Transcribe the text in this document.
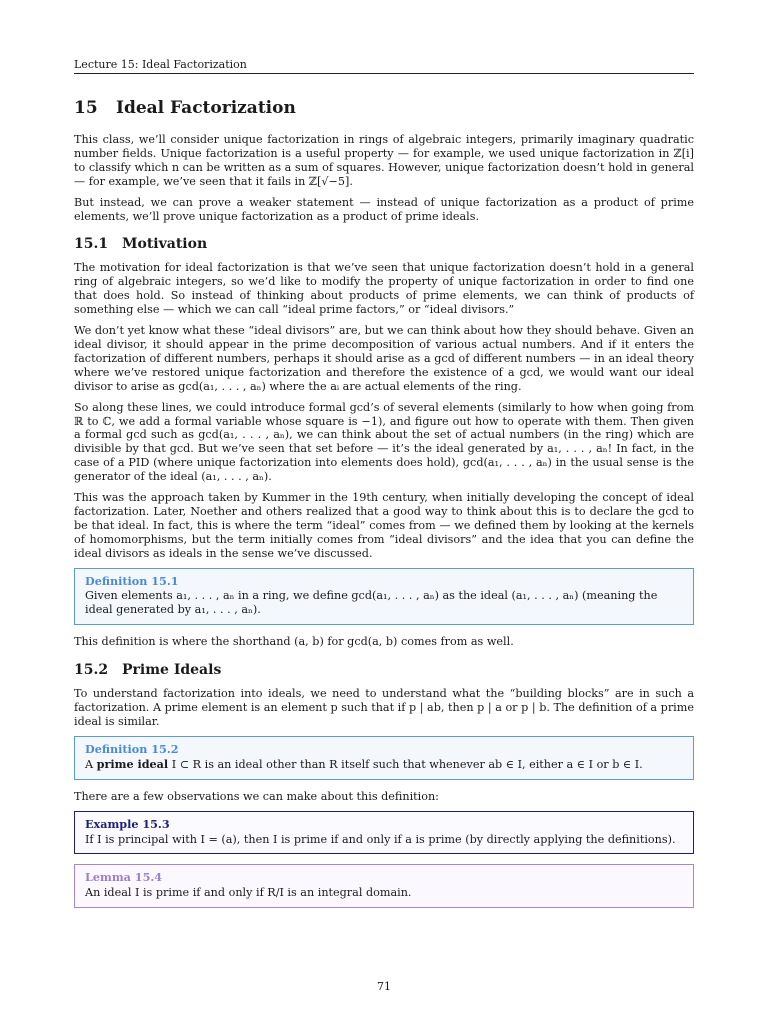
Lecture 15: Ideal Factorization
15 Ideal Factorization

This class, we’ll consider unique factorization in rings of algebraic integers, primarily imaginary quadratic number fields. Unique factorization is a useful property — for example, we used unique factorization in ℤ[i] to classify which n can be written as a sum of squares. However, unique factorization doesn’t hold in general — for example, we’ve seen that it fails in ℤ[√−5].

But instead, we can prove a weaker statement — instead of unique factorization as a product of prime elements, we’ll prove unique factorization as a product of prime ideals.

15.1 Motivation

The motivation for ideal factorization is that we’ve seen that unique factorization doesn’t hold in a general ring of algebraic integers, so we’d like to modify the property of unique factorization in order to find one that does hold. So instead of thinking about products of prime elements, we can think of products of something else — which we can call “ideal prime factors,” or “ideal divisors.”

We don’t yet know what these “ideal divisors” are, but we can think about how they should behave. Given an ideal divisor, it should appear in the prime decomposition of various actual numbers. And if it enters the factorization of different numbers, perhaps it should arise as a gcd of different numbers — in an ideal theory where we’ve restored unique factorization and therefore the existence of a gcd, we would want our ideal divisor to arise as gcd(a₁, . . . , aₙ) where the aᵢ are actual elements of the ring.

So along these lines, we could introduce formal gcd’s of several elements (similarly to how when going from ℝ to ℂ, we add a formal variable whose square is −1), and figure out how to operate with them. Then given a formal gcd such as gcd(a₁, . . . , aₙ), we can think about the set of actual numbers (in the ring) which are divisible by that gcd. But we’ve seen that set before — it’s the ideal generated by a₁, . . . , aₙ! In fact, in the case of a PID (where unique factorization into elements does hold), gcd(a₁, . . . , aₙ) in the usual sense is the generator of the ideal (a₁, . . . , aₙ).

This was the approach taken by Kummer in the 19th century, when initially developing the concept of ideal factorization. Later, Noether and others realized that a good way to think about this is to declare the gcd to be that ideal. In fact, this is where the term “ideal” comes from — we defined them by looking at the kernels of homomorphisms, but the term initially comes from “ideal divisors” and the idea that you can define the ideal divisors as ideals in the sense we’ve discussed.

Definition 15.1
Given elements a₁, . . . , aₙ in a ring, we define gcd(a₁, . . . , aₙ) as the ideal (a₁, . . . , aₙ) (meaning the ideal generated by a₁, . . . , aₙ).

This definition is where the shorthand (a, b) for gcd(a, b) comes from as well.

15.2 Prime Ideals

To understand factorization into ideals, we need to understand what the “building blocks” are in such a factorization. A prime element is an element p such that if p | ab, then p | a or p | b. The definition of a prime ideal is similar.

Definition 15.2
A prime ideal I ⊂ R is an ideal other than R itself such that whenever ab ∈ I, either a ∈ I or b ∈ I.

There are a few observations we can make about this definition:

Example 15.3
If I is principal with I = (a), then I is prime if and only if a is prime (by directly applying the definitions).
Lemma 15.4
An ideal I is prime if and only if R/I is an integral domain.
71
